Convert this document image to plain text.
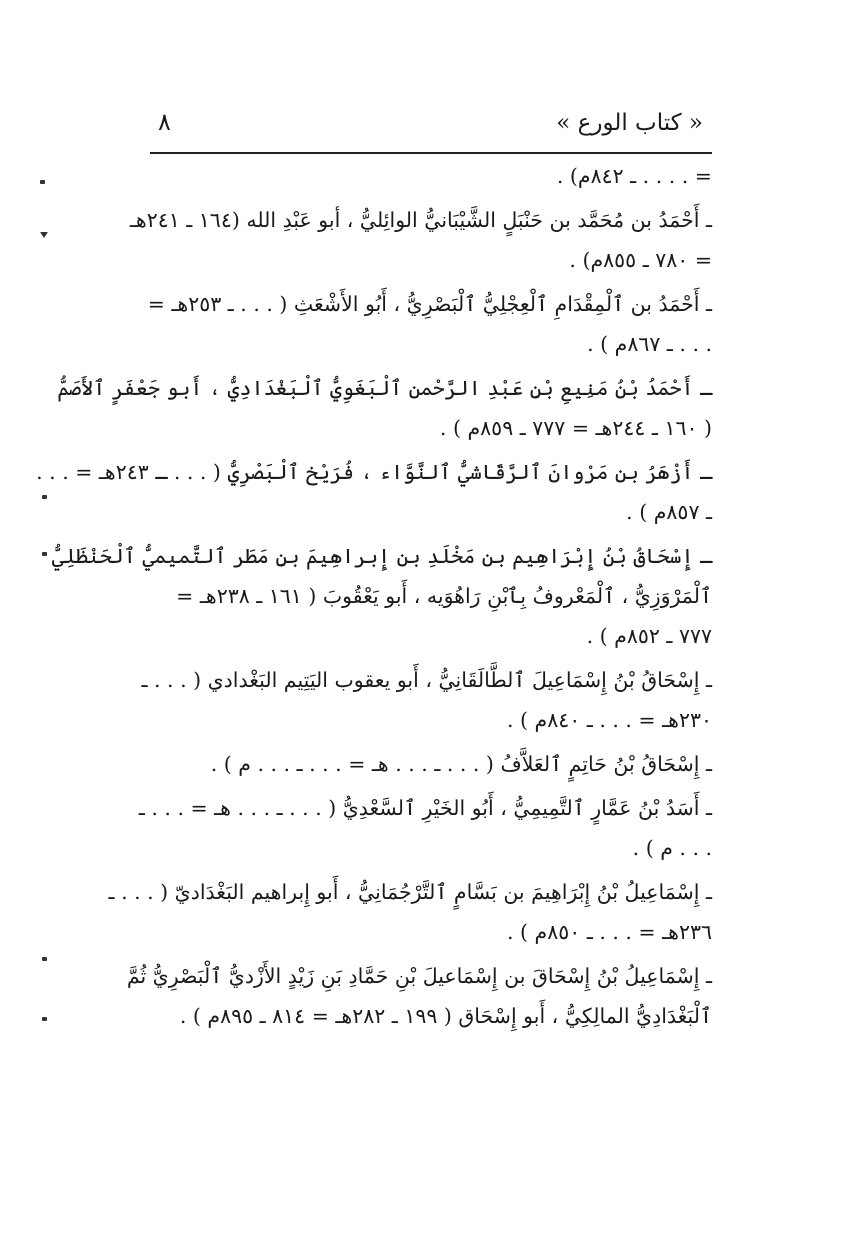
٨	« كتاب الورع »
= . . . . ـ ٨٤٢م) .
ـ أَحْمَدُ بن مُحَمَّد بن حَنْبَلٍ الشَّيْبَانيُّ الوائِليُّ ، أبو عَبْدِ الله (١٦٤ ـ ٢٤١هـ
= ٧٨٠ ـ ٨٥٥م) .
ـ أَحْمَدُ بن ٱلْمِقْدَامِ ٱلْعِجْلِيُّ ٱلْبَصْرِيُّ ، أَبُو الأَشْعَثِ ( . . . ـ ٢٥٣هـ =
. . . ـ ٨٦٧م ) .
ـ أَحْمَدُ بْنُ مَنِيعِ بْنِ عَبْدِ الرَّحْمن ٱلْبَغَوِيُّ ٱلْبَغْدَادِيُّ ، أَبو جَعْفَرٍ ٱلأَصَمُّ
( ١٦٠ ـ ٢٤٤هـ = ٧٧٧ ـ ٨٥٩م ) .
ـ أَزْهَرُ بن مَرْوانَ ٱلرَّقَاشيُّ ٱلنَّوَّاء ، فُرَيْخ ٱلْبَصْرِيُّ ( . . . ـ ٢٤٣هـ = . . .
ـ ٨٥٧م ) .
ـ إِسْحَاقُ بْنُ إِبْرَاهِيم بن مَخْلَدِ بن إِبراهِيمَ بنِ مَطَر ٱلتَّميميُّ ٱلْحَنْظَلِيُّ
ٱلْمَرْوَزِيُّ ، ٱلْمَعْروفُ بِٱبْنِ رَاهُوَيه ، أَبو يَعْقُوبَ ( ١٦١ ـ ٢٣٨هـ =
٧٧٧ ـ ٨٥٢م ) .
ـ إِسْحَاقُ بْنُ إِسْمَاعِيلَ ٱلطَّالَقَانِيُّ ، أَبو يعقوب اليَتِيم البَغْدادي ( . . . ـ
٢٣٠هـ = . . . ـ ٨٤٠م ) .
ـ إِسْحَاقُ بْنُ حَاتِمٍ ٱلعَلاَّفُ ( . . . ـ . . . هـ = . . . ـ . . . م ) .
ـ أَسَدُ بْنُ عَمَّارٍ ٱلتَّمِيمِيُّ ، أَبُو الخَيْرِ ٱلسَّعْدِيُّ ( . . . ـ . . . هـ = . . . ـ
. . . م ) .
ـ إِسْمَاعِيلُ بْنُ إِبْرَاهِيمَ بن بَسَّامٍ ٱلتَّرْجُمَانِيُّ ، أَبو إِبراهيم البَغْدَاديّ ( . . . ـ
٢٣٦هـ = . . . ـ ٨٥٠م ) .
ـ إِسْمَاعِيلُ بْنُ إِسْحَاقَ بن إِسْمَاعيلَ بْنِ حَمَّادِ بَنِ زَيْدٍ الأَزْديُّ ٱلْبَصْرِيُّ ثُمَّ
ٱلْبَغْدَادِيُّ المالِكِيُّ ، أَبو إِسْحَاق ( ١٩٩ ـ ٢٨٢هـ = ٨١٤ ـ ٨٩٥م ) .
